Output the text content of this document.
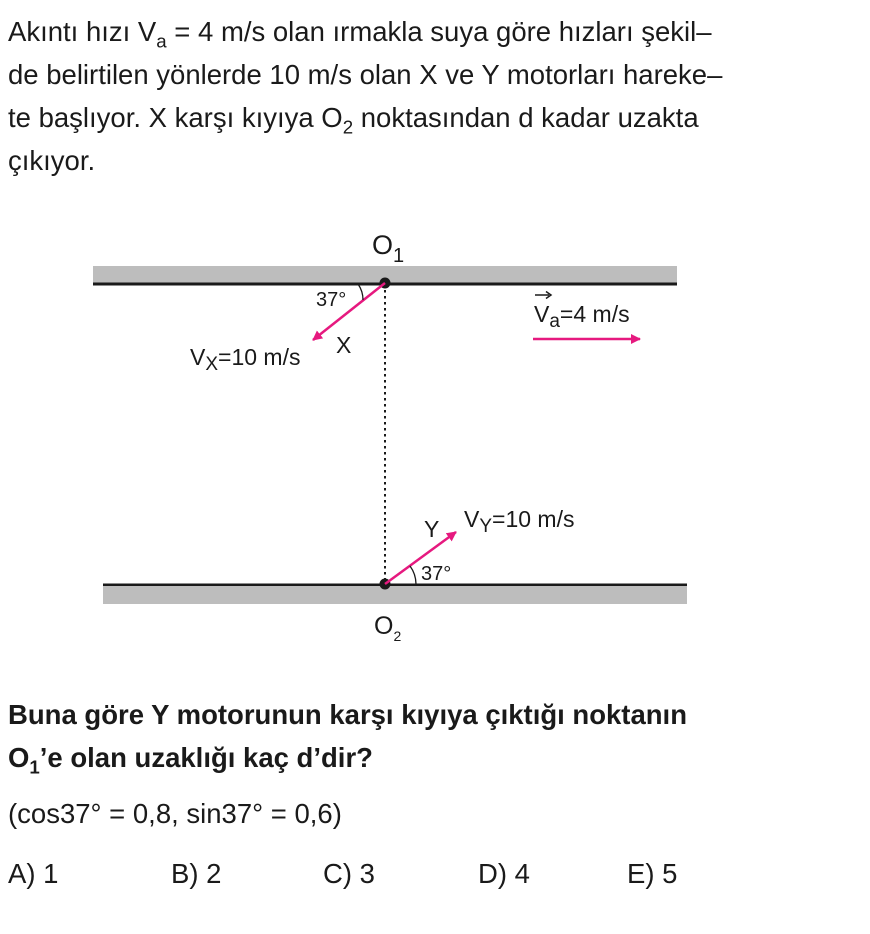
Akıntı hızı $V_a = 4$ m/s olan ırmakla suya göre hızları şekil–
de belirtilen yönlerde 10 m/s olan X ve Y motorları hareke–
te başlıyor. X karşı kıyıya $O_2$ noktasından d kadar uzakta
çıkıyor.
$O_1$
$O_2$
37°
$V_X=10$ m/s X
37°
Y $V_Y=10$ m/s
$V_a=4$ m/s
Buna göre Y motorunun karşı kıyıya çıktığı noktanın
$O_1’e$ olan uzaklığı kaç d’dir?
(cos37° = 0,8, sin37° = 0,6)
A) 1	B) 2	C) 3	D) 4	E) 5
